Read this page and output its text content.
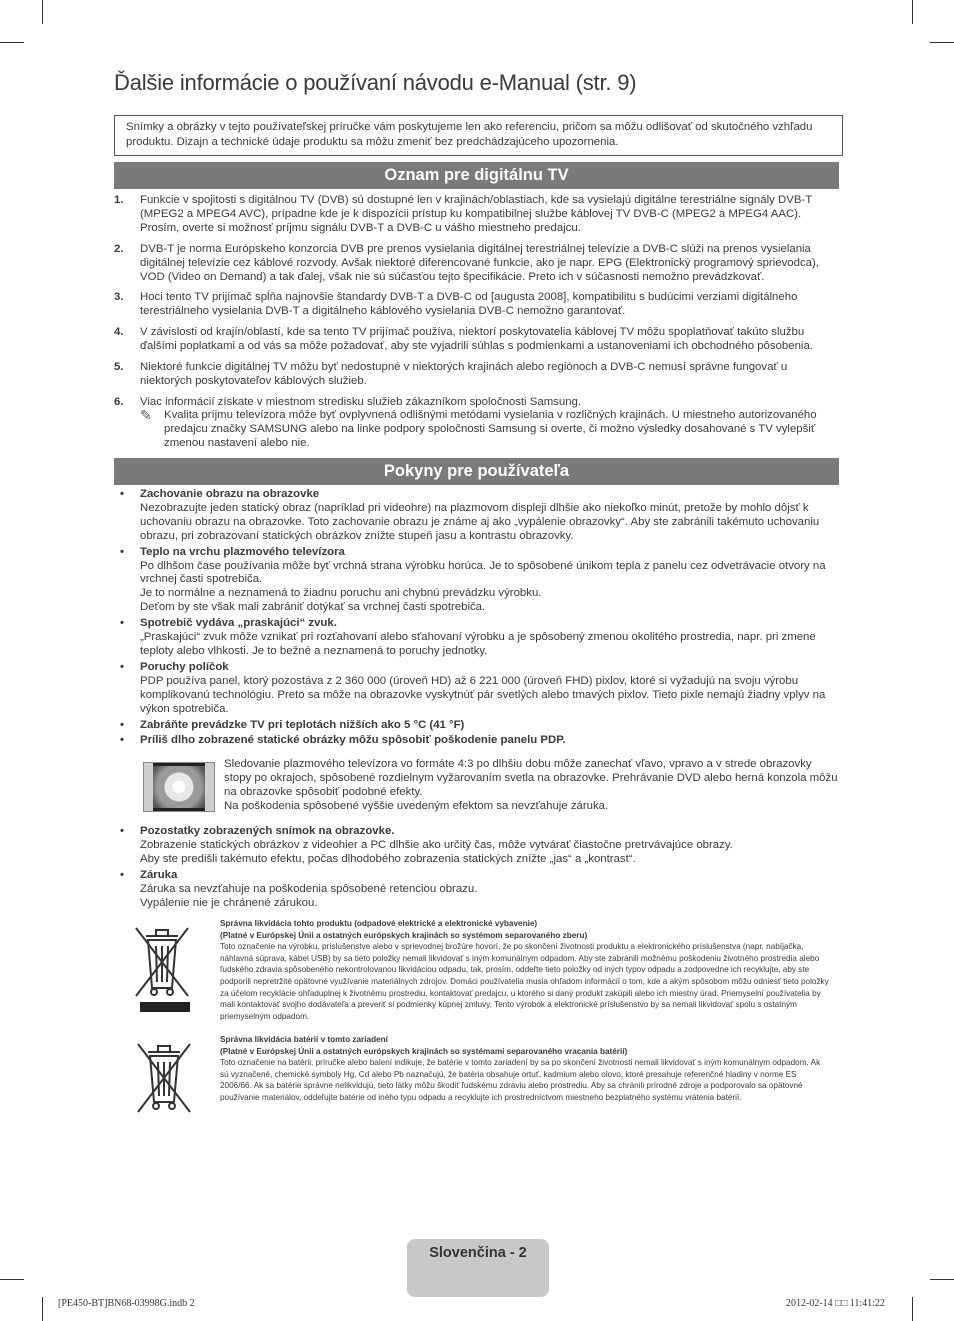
Ďalšie informácie o používaní návodu e-Manual (str. 9)
Snímky a obrázky v tejto používateľskej príručke vám poskytujeme len ako referenciu, pričom sa môžu odlišovať od skutočného vzhľadu produktu. Dizajn a technické údaje produktu sa môžu zmeniť bez predchádzajúceho upozornenia.
Oznam pre digitálnu TV
1. Funkcie v spojitosti s digitálnou TV (DVB) sú dostupné len v krajinách/oblastiach, kde sa vysielajú digitálne terestriálne signály DVB-T (MPEG2 a MPEG4 AVC), prípadne kde je k dispozícii prístup ku kompatibilnej službe káblovej TV DVB-C (MPEG2 a MPEG4 AAC). Prosím, overte si možnosť príjmu signálu DVB-T a DVB-C u vášho miestneho predajcu.
2. DVB-T je norma Európskeho konzorcia DVB pre prenos vysielania digitálnej terestriálnej televízie a DVB-C slúži na prenos vysielania digitálnej televízie cez káblové rozvody. Avšak niektoré diferencované funkcie, ako je napr. EPG (Elektronický programový sprievodca), VOD (Video on Demand) a tak ďalej, však nie sú súčasťou tejto špecifikácie. Preto ich v súčasnosti nemožno prevádzkovať.
3. Hoci tento TV prijímač spĺňa najnovšie štandardy DVB-T a DVB-C od [augusta 2008], kompatibilitu s budúcimi verziami digitálneho terestriálneho vysielania DVB-T a digitálneho káblového vysielania DVB-C nemožno garantovať.
4. V závislosti od krajín/oblastí, kde sa tento TV prijímač používa, niektorí poskytovatelia káblovej TV môžu spoplatňovať takúto službu ďalšími poplatkami a od vás sa môže požadovať, aby ste vyjadrili súhlas s podmienkami a ustanoveniami ich obchodného pôsobenia.
5. Niektoré funkcie digitálnej TV môžu byť nedostupné v niektorých krajinách alebo regiónoch a DVB-C nemusí správne fungovať u niektorých poskytovateľov káblových služieb.
6. Viac informácií získate v miestnom stredisku služieb zákazníkom spoločnosti Samsung.
✎ Kvalita príjmu televízora môže byť ovplyvnená odlišnými metódami vysielania v rozličných krajinách. U miestneho autorizovaného predajcu značky SAMSUNG alebo na linke podpory spoločnosti Samsung si overte, či možno výsledky dosahované s TV vylepšiť zmenou nastavení alebo nie.
Pokyny pre používateľa
• Zachovanie obrazu na obrazovke
Nezobrazujte jeden statický obraz (napríklad pri videohre) na plazmovom displeji dlhšie ako niekoľko minút, pretože by mohlo dôjsť k uchovaniu obrazu na obrazovke. Toto zachovanie obrazu je známe aj ako „vypálenie obrazovky“. Aby ste zabránili takémuto uchovaniu obrazu, pri zobrazovaní statických obrázkov znížte stupeň jasu a kontrastu obrazovky.
• Teplo na vrchu plazmového televízora
Po dlhšom čase používania môže byť vrchná strana výrobku horúca. Je to spôsobené únikom tepla z panelu cez odvetrávacie otvory na vrchnej časti spotrebiča.
Je to normálne a neznamená to žiadnu poruchu ani chybnú prevádzku výrobku.
Deťom by ste však mali zabrániť dotýkať sa vrchnej časti spotrebiča.
• Spotrebič vydáva „praskajúci“ zvuk.
„Praskajúci“ zvuk môže vznikať pri rozťahovaní alebo sťahovaní výrobku a je spôsobený zmenou okolitého prostredia, napr. pri zmene teploty alebo vlhkosti. Je to bežné a neznamená to poruchy jednotky.
• Poruchy políčok
PDP používa panel, ktorý pozostáva z 2 360 000 (úroveň HD) až 6 221 000 (úroveň FHD) pixlov, ktoré si vyžadujú na svoju výrobu komplikovanú technológiu. Preto sa môže na obrazovke vyskytnúť pár svetlých alebo tmavých pixlov. Tieto pixle nemajú žiadny vplyv na výkon spotrebiča.
• Zabráňte prevádzke TV pri teplotách nižších ako 5 °C (41 °F)
• Príliš dlho zobrazené statické obrázky môžu spôsobiť poškodenie panelu PDP.
Sledovanie plazmového televízora vo formáte 4:3 po dlhšiu dobu môže zanechať vľavo, vpravo a v strede obrazovky stopy po okrajoch, spôsobené rozdielnym vyžarovaním svetla na obrazovke. Prehrávanie DVD alebo herná konzola môžu na obrazovke spôsobiť podobné efekty.
Na poškodenia spôsobené vyššie uvedeným efektom sa nevzťahuje záruka.
• Pozostatky zobrazených snímok na obrazovke.
Zobrazenie statických obrázkov z videohier a PC dlhšie ako určitý čas, môže vytvárať čiastočne pretrvávajúce obrazy.
Aby ste predišli takémuto efektu, počas dlhodobého zobrazenia statických znížte „jas“ a „kontrast“.
• Záruka
Záruka sa nevzťahuje na poškodenia spôsobené retenciou obrazu.
Vypálenie nie je chránené zárukou.
Správna likvidácia tohto produktu (odpadové elektrické a elektronické vybavenie)
(Platné v Európskej Únii a ostatných európskych krajinách so systémom separovaného zberu)
Toto označenie na výrobku, príslušenstve alebo v sprievodnej brožúre hovorí, že po skončení životnosti produktu a elektronického príslušenstva (napr. nabíjačka, náhlavná súprava, kábel USB) by sa tieto položky nemali likvidovať s iným komunálnym odpadom. Aby ste zabránili možnému poškodeniu životného prostredia alebo ľudského zdravia spôsobeného nekontrolovanou likvidáciou odpadu, tak, prosím, oddeľte tieto položky od iných typov odpadu a zodpovedne ich recyklujte, aby ste podporili nepretržité opätovné využívanie materiálnych zdrojov. Domáci používatelia musia ohľadom informácií o tom, kde a akým spôsobom môžu odniesť tieto položky za účelom recyklácie ohľaduplnej k životnému prostrediu, kontaktovať predajcu, u ktorého si daný produkt zakúpili alebo ich miestny úrad. Priemyselní používatelia by mali kontaktovať svojho dodávateľa a preveriť si podmienky kúpnej zmluvy. Tento výrobok a elektronické príslušenstvo by sa nemali likvidovať spolu s ostatným priemyselným odpadom.
Správna likvidácia batérií v tomto zariadení
(Platné v Európskej Únii a ostatných európskych krajinách so systémami separovaného vracania batérií)
Toto označenie na batérii, príručke alebo balení indikuje, že batérie v tomto zariadení by sa po skončení životnosti nemali likvidovať s iným komunálnym odpadom. Ak sú vyznačené, chemické symboly Hg, Cd alebo Pb naznačujú, že batéria obsahuje ortuť, kadmium alebo olovo, ktoré presahuje referenčné hladiny v norme ES 2006/66. Ak sa batérie správne nelikvidujú, tieto látky môžu škodiť ľudskému zdraviu alebo prostrediu. Aby sa chránili prírodné zdroje a podporovalo sa opätovné používanie materiálov, oddeľujte batérie od iného typu odpadu a recyklujte ich prostredníctvom miestneho bezplatného systému vrátenia batérií.
Slovenčina - 2
[PE450-BT]BN68-03998G.indb 2	2012-02-14 □□ 11:41:22
